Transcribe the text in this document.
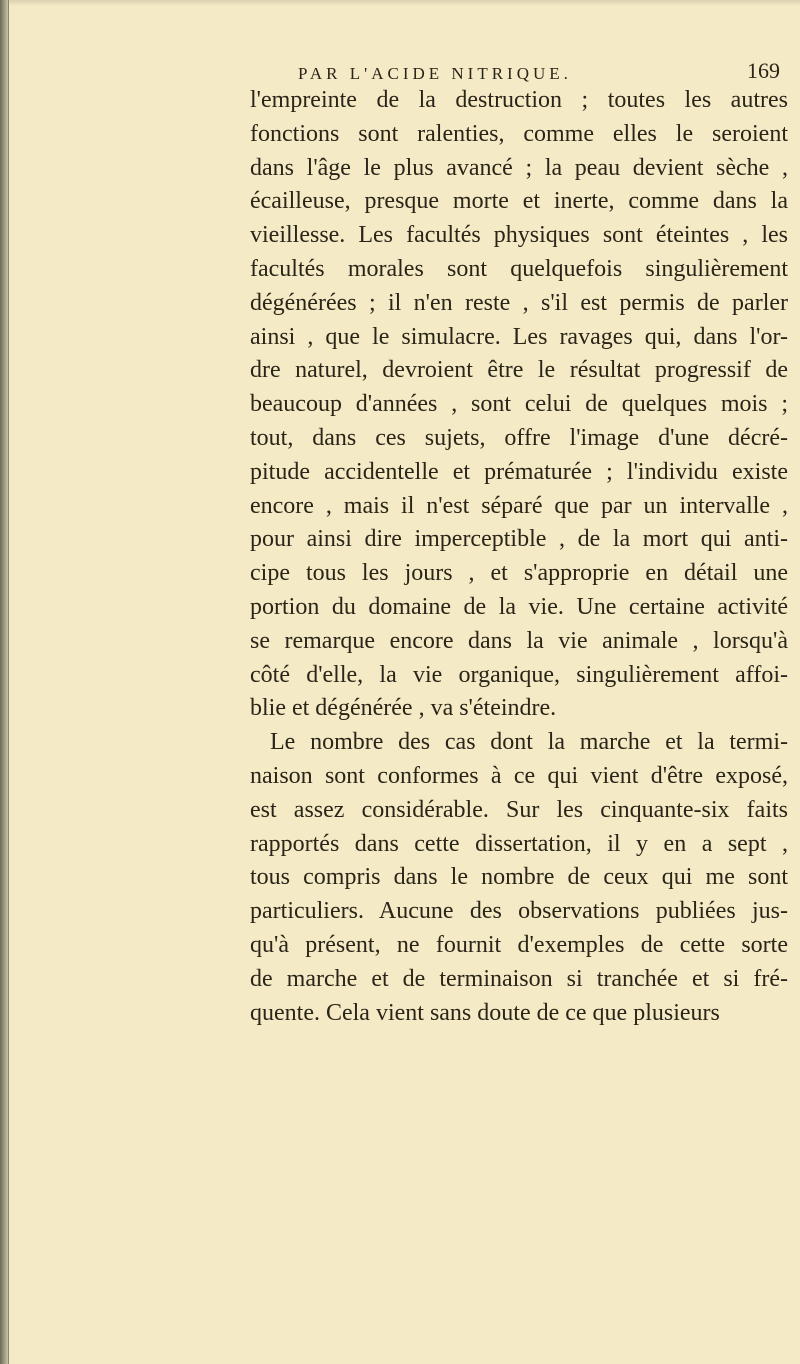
PAR L'ACIDE NITRIQUE.	169
l'empreinte de la destruction ; toutes les autres
fonctions sont ralenties, comme elles le seroient
dans l'âge le plus avancé ; la peau devient sèche ,
écailleuse, presque morte et inerte, comme dans la
vieillesse. Les facultés physiques sont éteintes , les
facultés morales sont quelquefois singulièrement
dégénérées ; il n'en reste , s'il est permis de parler
ainsi , que le simulacre. Les ravages qui, dans l'or-
dre naturel, devroient être le résultat progressif de
beaucoup d'années , sont celui de quelques mois ;
tout, dans ces sujets, offre l'image d'une décré-
pitude accidentelle et prématurée ; l'individu existe
encore , mais il n'est séparé que par un intervalle ,
pour ainsi dire imperceptible , de la mort qui anti-
cipe tous les jours , et s'approprie en détail une
portion du domaine de la vie. Une certaine activité
se remarque encore dans la vie animale , lorsqu'à
côté d'elle, la vie organique, singulièrement affoi-
blie et dégénérée , va s'éteindre.
Le nombre des cas dont la marche et la termi-
naison sont conformes à ce qui vient d'être exposé,
est assez considérable. Sur les cinquante-six faits
rapportés dans cette dissertation, il y en a sept ,
tous compris dans le nombre de ceux qui me sont
particuliers. Aucune des observations publiées jus-
qu'à présent, ne fournit d'exemples de cette sorte
de marche et de terminaison si tranchée et si fré-
quente. Cela vient sans doute de ce que plusieurs
